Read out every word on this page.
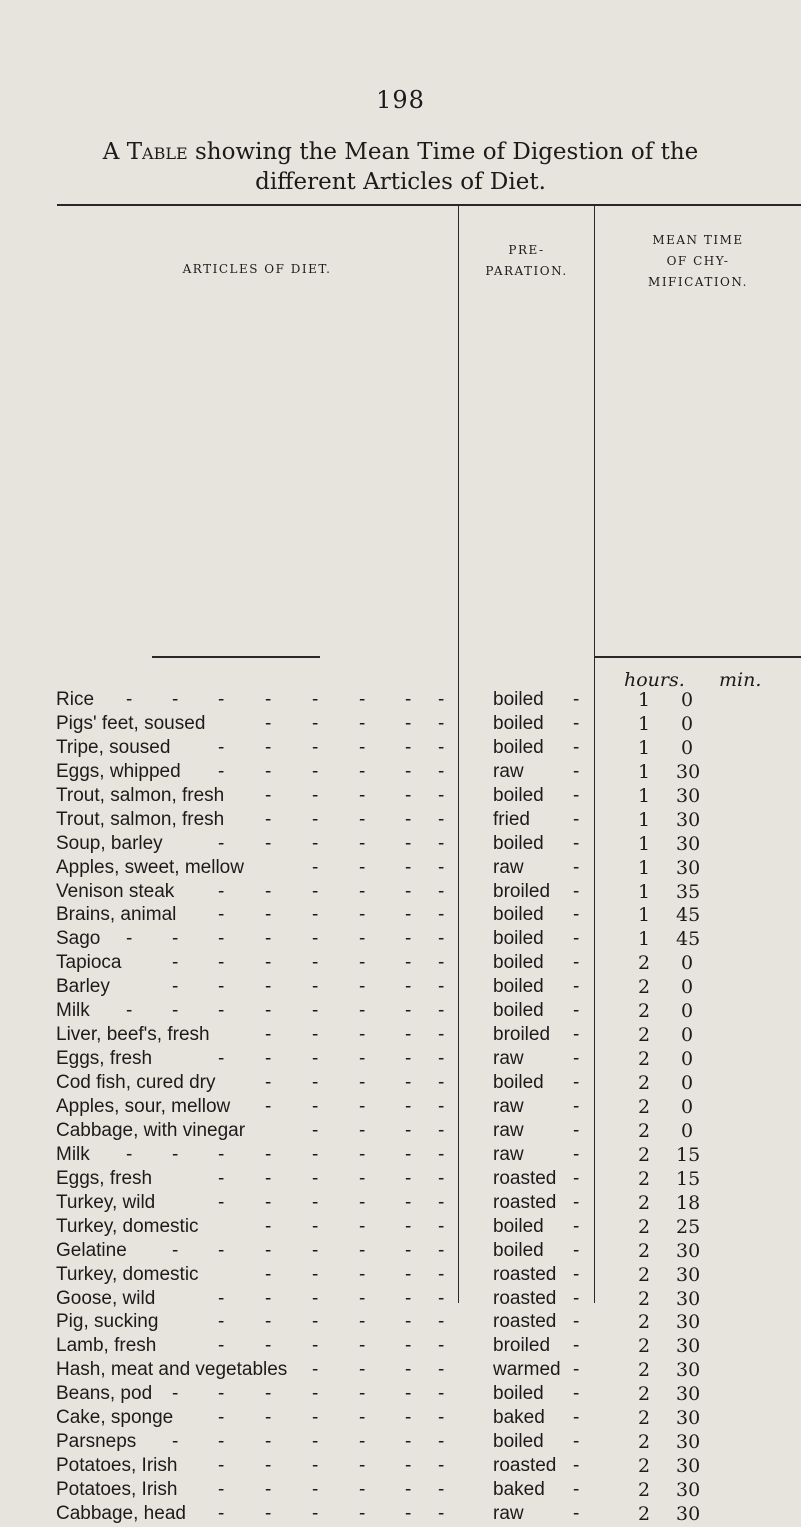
198
A Table showing the Mean Time of Digestion of the
different Articles of Diet.
ARTICLES OF DIET.
PRE-
PARATION.
MEAN TIME
OF CHY-
MIFICATION.
hours. min.
Rice	- - - - - - - -	boiled -	1 0
Pigs' feet, soused	- - - - -	boiled -	1 0
Tripe, soused	- - - - - -	boiled -	1 0
Eggs, whipped	- - - - - -	raw	-	1 30
Trout, salmon, fresh	- - - - -	boiled -	1 30
Trout, salmon, fresh	- - - - -	fried -	1 30
Soup, barley	- - - - - -	boiled -	1 30
Apples, sweet, mellow	- - - -	raw	-	1 30
Venison steak	- - - - - -	broiled -	1 35
Brains, animal	- - - - - -	boiled -	1 45
Sago	- - - - - - - -	boiled -	1 45
Tapioca	- - - - - - -	boiled -	2 0
Barley	- - - - - - -	boiled -	2 0
Milk	- - - - - - - -	boiled -	2 0
Liver, beef's, fresh	- - - - -	broiled -	2 0
Eggs, fresh	- - - - - -	raw	-	2 0
Cod fish, cured dry	- - - - -	boiled -	2 0
Apples, sour, mellow	- - - - -	raw	-	2 0
Cabbage, with vinegar	- - - -	raw	-	2 0
Milk	- - - - - - - -	raw	-	2 15
Eggs, fresh	- - - - - -	roasted -	2 15
Turkey, wild	- - - - - -	roasted -	2 18
Turkey, domestic	- - - - -	boiled -	2 25
Gelatine	- - - - - - -	boiled -	2 30
Turkey, domestic	- - - - -	roasted -	2 30
Goose, wild	- - - - - -	roasted -	2 30
Pig, sucking	- - - - - -	roasted -	2 30
Lamb, fresh	- - - - - -	broiled -	2 30
Hash, meat and vegetables	- - - -	warmed -	2 30
Beans, pod	- - - - - - -	boiled -	2 30
Cake, sponge	- - - - - -	baked -	2 30
Parsneps	- - - - - - -	boiled -	2 30
Potatoes, Irish	- - - - - -	roasted -	2 30
Potatoes, Irish	- - - - - -	baked -	2 30
Cabbage, head	- - - - - -	raw	-	2 30
